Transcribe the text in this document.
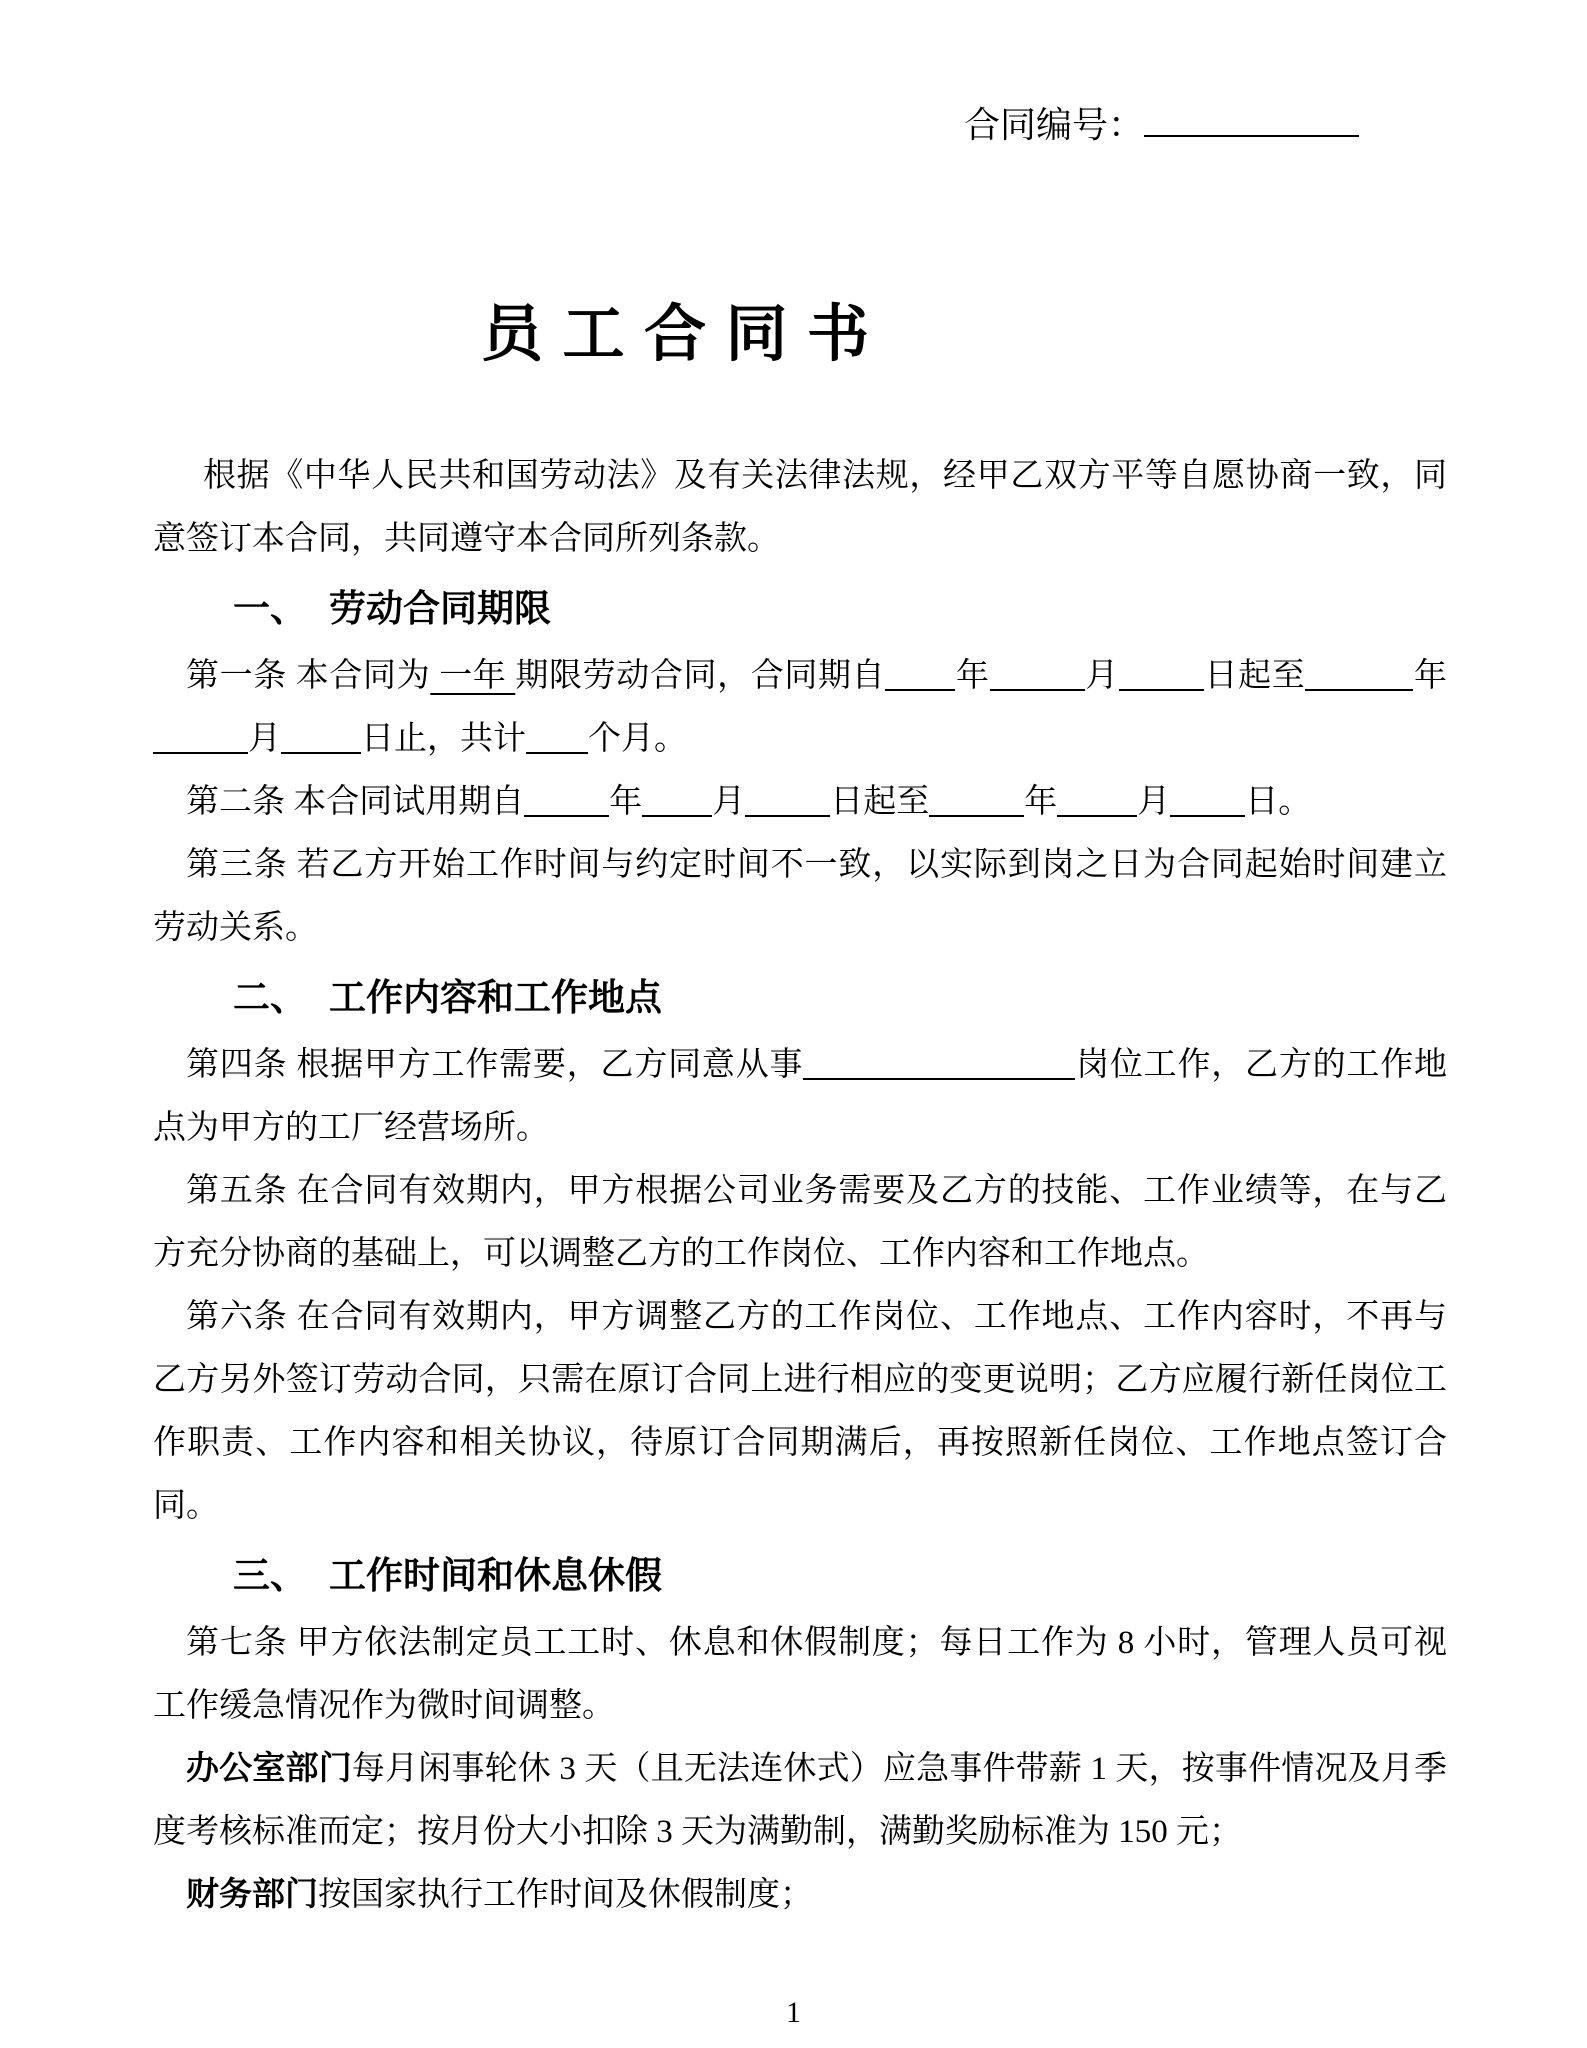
合同编号：
员 工 合 同 书

根据《中华人民共和国劳动法》及有关法律法规，经甲乙双方平等自愿协商一致，同意签订本合同，共同遵守本合同所列条款。

一、 劳动合同期限

第一条 本合同为 一年 期限劳动合同，合同期自 年	月	日起至	年月 日止，共计 个月。

第二条 本合同试用期自	年 月	日起至	年 月 日。

第三条 若乙方开始工作时间与约定时间不一致，以实际到岗之日为合同起始时间建立劳动关系。

二、 工作内容和工作地点

第四条 根据甲方工作需要，乙方同意从事	岗位工作，乙方的工作地点为甲方的工厂经营场所。

第五条 在合同有效期内，甲方根据公司业务需要及乙方的技能、工作业绩等，在与乙方充分协商的基础上，可以调整乙方的工作岗位、工作内容和工作地点。

第六条 在合同有效期内，甲方调整乙方的工作岗位、工作地点、工作内容时，不再与乙方另外签订劳动合同，只需在原订合同上进行相应的变更说明；乙方应履行新任岗位工作职责、工作内容和相关协议，待原订合同期满后，再按照新任岗位、工作地点签订合同。

三、 工作时间和休息休假

第七条 甲方依法制定员工工时、休息和休假制度；每日工作为 8 小时，管理人员可视工作缓急情况作为微时间调整。

办公室部门每月闲事轮休 3 天（且无法连休式）应急事件带薪 1 天，按事件情况及月季度考核标准而定；按月份大小扣除 3 天为满勤制，满勤奖励标准为 150 元；

财务部门按国家执行工作时间及休假制度；

1
